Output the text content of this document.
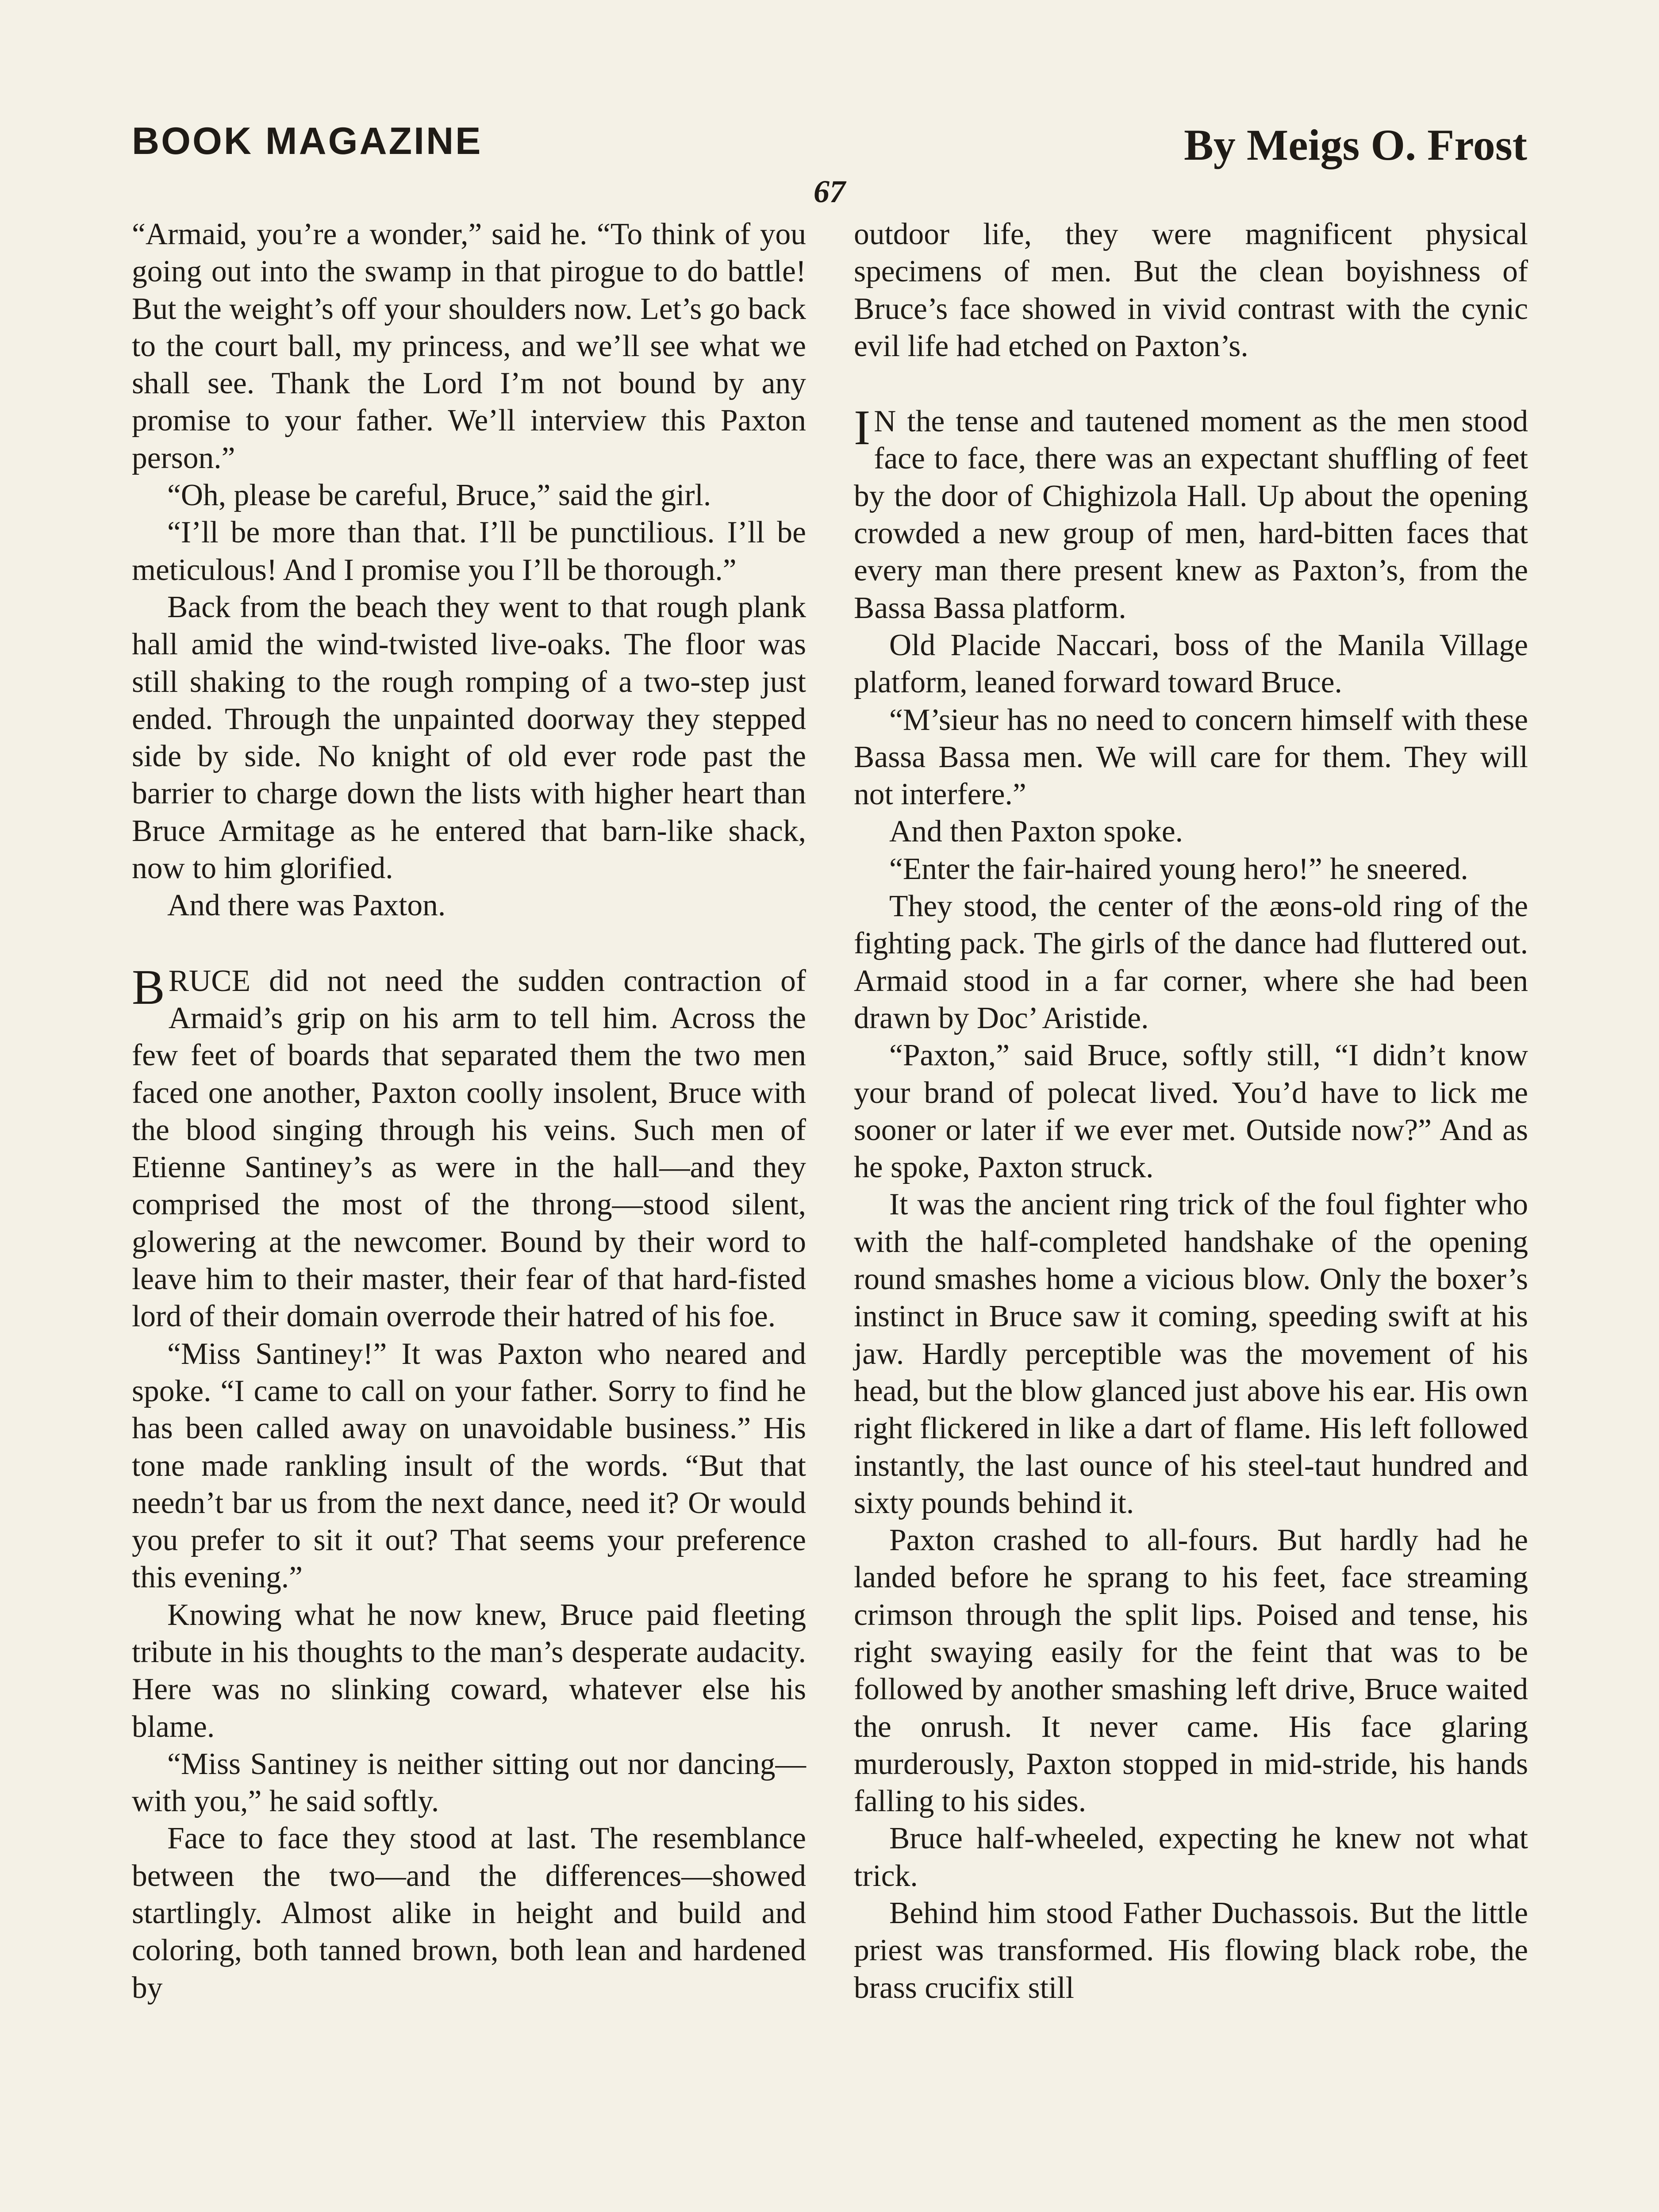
BOOK MAGAZINE	By Meigs O. Frost
67

“Armaid, you’re a wonder,” said he. “To think of you going out into the swamp in that pirogue to do battle! But the weight’s off your shoulders now. Let’s go back to the court ball, my princess, and we’ll see what we shall see. Thank the Lord I’m not bound by any promise to your father. We’ll interview this Paxton person.”

“Oh, please be careful, Bruce,” said the girl.

“I’ll be more than that. I’ll be punctilious. I’ll be meticulous! And I promise you I’ll be thorough.”

Back from the beach they went to that rough plank hall amid the wind-twisted live-oaks. The floor was still shaking to the rough romping of a two-step just ended. Through the unpainted doorway they stepped side by side. No knight of old ever rode past the barrier to charge down the lists with higher heart than Bruce Armitage as he entered that barn-like shack, now to him glorified.

And there was Paxton.

BRUCE did not need the sudden contraction of Armaid’s grip on his arm to tell him. Across the few feet of boards that separated them the two men faced one another, Paxton coolly insolent, Bruce with the blood singing through his veins. Such men of Etienne Santiney’s as were in the hall—and they comprised the most of the throng—stood silent, glowering at the newcomer. Bound by their word to leave him to their master, their fear of that hard-fisted lord of their domain overrode their hatred of his foe.

“Miss Santiney!” It was Paxton who neared and spoke. “I came to call on your father. Sorry to find he has been called away on unavoidable business.” His tone made rankling insult of the words. “But that needn’t bar us from the next dance, need it? Or would you prefer to sit it out? That seems your preference this evening.”

Knowing what he now knew, Bruce paid fleeting tribute in his thoughts to the man’s desperate audacity. Here was no slinking coward, whatever else his blame.

“Miss Santiney is neither sitting out nor dancing—with you,” he said softly.

Face to face they stood at last. The resemblance between the two—and the differences—showed startlingly. Almost alike in height and build and coloring, both tanned brown, both lean and hardened by

outdoor life, they were magnificent physical specimens of men. But the clean boyishness of Bruce’s face showed in vivid contrast with the cynic evil life had etched on Paxton’s.

I N the tense and tautened moment as the men stood face to face, there was an expectant shuffling of feet by the door of Chighizola Hall. Up about the opening crowded a new group of men, hard-bitten faces that every man there present knew as Paxton’s, from the Bassa Bassa platform.

Old Placide Naccari, boss of the Manila Village platform, leaned forward toward Bruce.

“M’sieur has no need to concern himself with these Bassa Bassa men. We will care for them. They will not interfere.”

And then Paxton spoke.

“Enter the fair-haired young hero!” he sneered.

They stood, the center of the æons-old ring of the fighting pack. The girls of the dance had fluttered out. Armaid stood in a far corner, where she had been drawn by Doc’ Aristide.

“Paxton,” said Bruce, softly still, “I didn’t know your brand of polecat lived. You’d have to lick me sooner or later if we ever met. Outside now?” And as he spoke, Paxton struck.

It was the ancient ring trick of the foul fighter who with the half-completed handshake of the opening round smashes home a vicious blow. Only the boxer’s instinct in Bruce saw it coming, speeding swift at his jaw. Hardly perceptible was the movement of his head, but the blow glanced just above his ear. His own right flickered in like a dart of flame. His left followed instantly, the last ounce of his steel-taut hundred and sixty pounds behind it.

Paxton crashed to all-fours. But hardly had he landed before he sprang to his feet, face streaming crimson through the split lips. Poised and tense, his right swaying easily for the feint that was to be followed by another smashing left drive, Bruce waited the onrush. It never came. His face glaring murderously, Paxton stopped in mid-stride, his hands falling to his sides.

Bruce half-wheeled, expecting he knew not what trick.

Behind him stood Father Duchassois. But the little priest was transformed. His flowing black robe, the brass crucifix still
